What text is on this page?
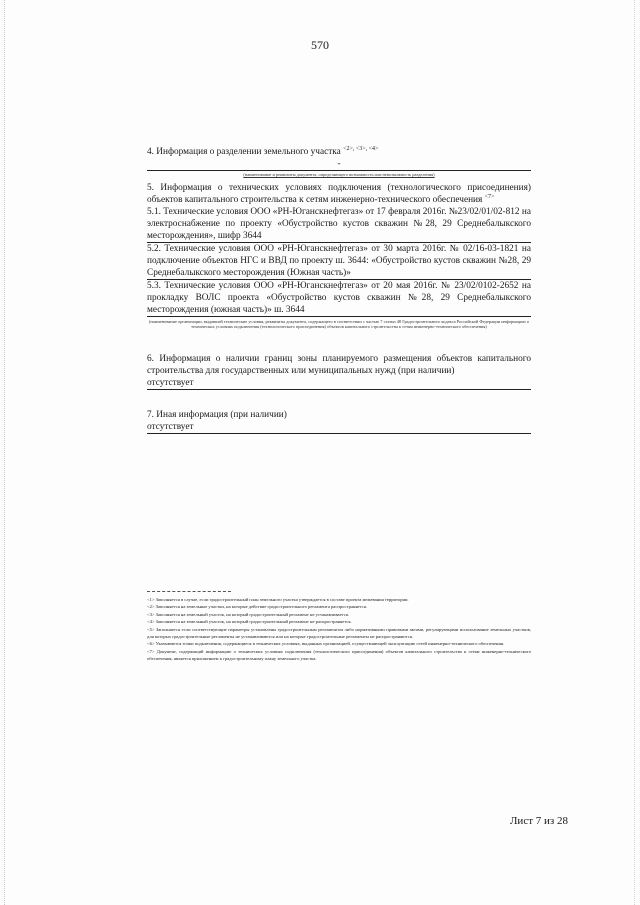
570
4. Информация о разделении земельного участка $^{<2>, <3>, <4>}$
-
(наименование и реквизиты документа, определяющего возможность или невозможность разделения)
5. Информация о технических условиях подключения (технологического присоединения) объектов капитального строительства к сетям инженерно-технического обеспечения $^{<7>}$
5.1. Технические условия ООО «РН-Юганскнефтегаз» от 17 февраля 2016г. №23/02/01/02-812 на электроснабжение по проекту «Обустройство кустов скважин №28, 29 Среднебалыкского месторождения», шифр 3644
5.2. Технические условия ООО «РН-Юганскнефтегаз» от 30 марта 2016г. № 02/16-03-1821 на подключение объектов НГС и ВВД по проекту ш. 3644: «Обустройство кустов скважин №28, 29 Среднебалыкского месторождения (Южная часть)»
5.3. Технические условия ООО «РН-Юганскнефтегаз» от 20 мая 2016г. № 23/02/0102-2652 на прокладку ВОЛС проекта «Обустройство кустов скважин №28, 29 Среднебалыкского месторождения (южная часть)» ш. 3644
(наименование организации, выдавшей технические условия, реквизиты документа, содержащего в соответствии с частью 7 статьи 48 Градостроительного кодекса Российской Федерации информацию о технических условиях подключения (технологического присоединения) объектов капитального строительства к сетям инженерно-технического обеспечения)
6. Информация о наличии границ зоны планируемого размещения объектов капитального строительства для государственных или муниципальных нужд (при наличии)
отсутствует
7. Иная информация (при наличии)
отсутствует
<1> Заполняется в случае, если градостроительный план земельного участка утверждается в составе проекта межевания территории.
<2> Заполняется на земельные участки, на которые действие градостроительного регламента распространяется.
<3> Заполняется на земельный участок, на который градостроительный регламент не устанавливается.
<4> Заполняется на земельный участок, на который градостроительный регламент не распространяется.
<5> Заполняется если соответствующие параметры установлены градостроительным регламентом либо нормативными правовыми актами, регулирующими использование земельных участков, для которых градостроительные регламенты не устанавливаются или на которые градостроительные регламенты не распространяются.
<6> Указываются точки подключения, содержащиеся в технических условиях, выданных организацией, осуществляющей эксплуатацию сетей инженерно-технического обеспечения.
<7> Документ, содержащий информацию о технических условиях подключения (технологического присоединения) объектов капитального строительства к сетям инженерно-технического обеспечения, является приложением к градостроительному плану земельного участка.
Лист 7 из 28
